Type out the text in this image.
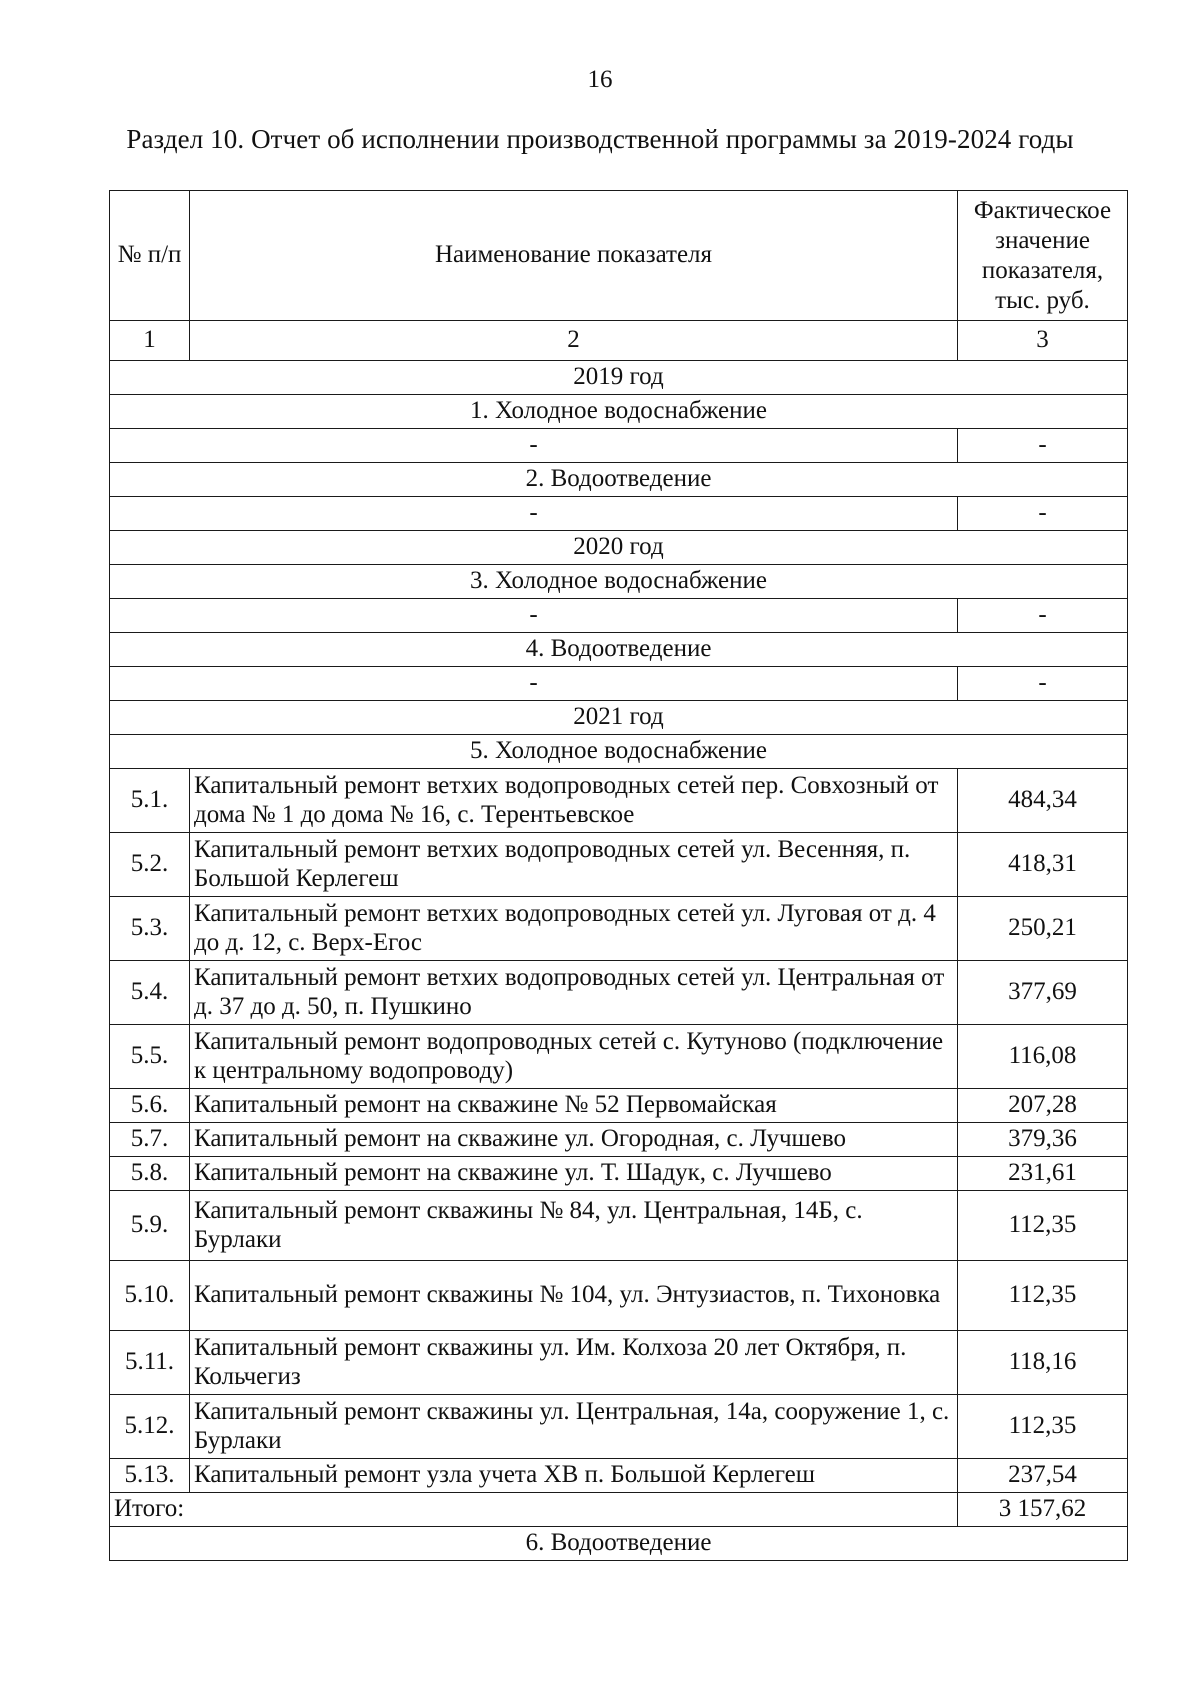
16
Раздел 10. Отчет об исполнении производственной программы за 2019-2024 годы
№ п/п	Наименование показателя	Фактическое значение показателя, тыс. руб.
1	2	3
2019 год		
1. Холодное водоснабжение		
-		-
2. Водоотведение		
-		-
2020 год		
3. Холодное водоснабжение		
-		-
4. Водоотведение		
-		-
2021 год		
5. Холодное водоснабжение		
5.1.	Капитальный ремонт ветхих водопроводных сетей пер. Совхозный от дома № 1 до дома № 16, с. Терентьевское	484,34
5.2.	Капитальный ремонт ветхих водопроводных сетей ул. Весенняя, п. Большой Керлегеш	418,31
5.3.	Капитальный ремонт ветхих водопроводных сетей ул. Луговая от д. 4 до д. 12, с. Верх-Егос	250,21
5.4.	Капитальный ремонт ветхих водопроводных сетей ул. Центральная от д. 37 до д. 50, п. Пушкино	377,69
5.5.	Капитальный ремонт водопроводных сетей с. Кутуново (подключение к центральному водопроводу)	116,08
5.6.	Капитальный ремонт на скважине № 52 Первомайская	207,28
5.7.	Капитальный ремонт на скважине ул. Огородная, с. Лучшево	379,36
5.8.	Капитальный ремонт на скважине ул. Т. Шадук, с. Лучшево	231,61
5.9.	Капитальный ремонт скважины № 84, ул. Центральная, 14Б, с. Бурлаки	112,35
5.10.	Капитальный ремонт скважины № 104, ул. Энтузиастов, п. Тихоновка	112,35
5.11.	Капитальный ремонт скважины ул. Им. Колхоза 20 лет Октября, п. Кольчегиз	118,16
5.12.	Капитальный ремонт скважины ул. Центральная, 14а, сооружение 1, с. Бурлаки	112,35
5.13.	Капитальный ремонт узла учета ХВ п. Большой Керлегеш	237,54
Итого:		3 157,62
6. Водоотведение		
